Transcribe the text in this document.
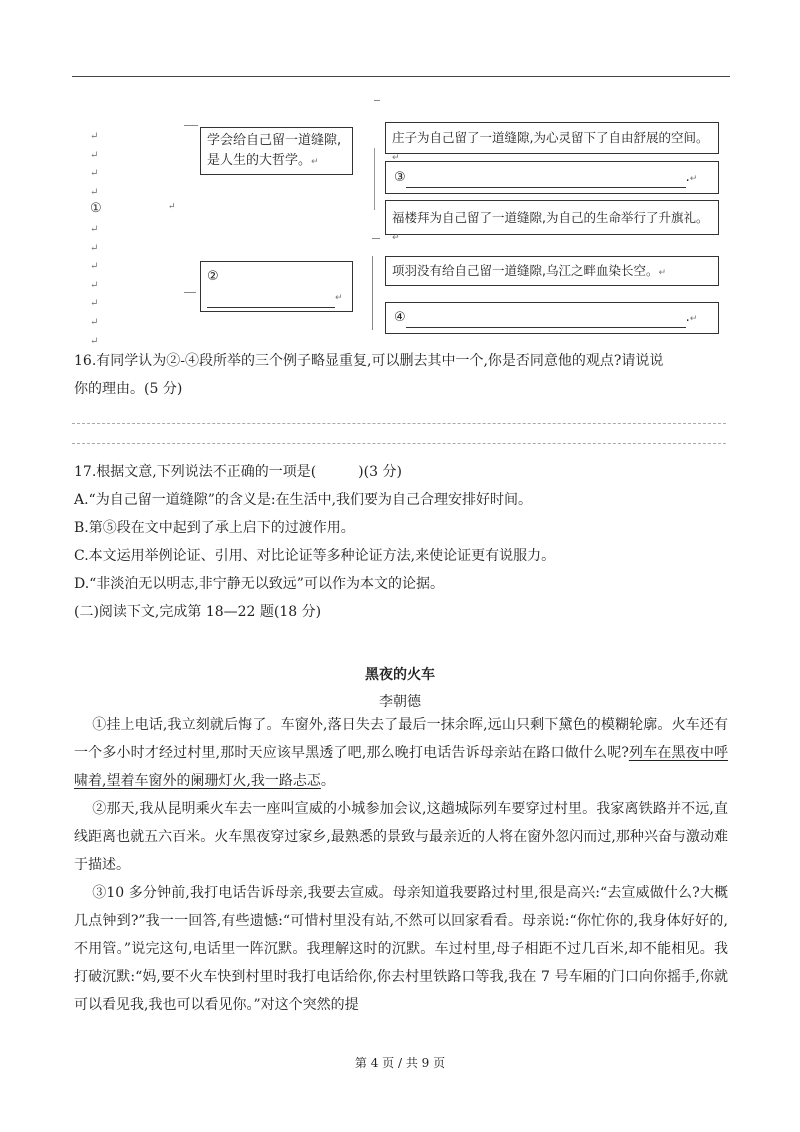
↵
↵
↵
↵
↵
↵
↵
↵
↵
↵
↵
①	↵
学会给自己留一道缝隙,是人生的大哲学。↵
②
↵
庄子为自己留了一道缝隙,为心灵留下了自由舒展的空间。↵
③	.↵
福楼拜为自己留了一道缝隙,为自己的生命举行了升旗礼。↵
项羽没有给自己留一道缝隙,乌江之畔血染长空。↵
④	.↵
16.有同学认为②-④段所举的三个例子略显重复,可以删去其中一个,你是否同意他的观点?请说说
你的理由。(5 分)
17.根据文意,下列说法不正确的一项是(　　　)(3 分)
A.“为自己留一道缝隙”的含义是:在生活中,我们要为自己合理安排好时间。
B.第⑤段在文中起到了承上启下的过渡作用。
C.本文运用举例论证、引用、对比论证等多种论证方法,来使论证更有说服力。
D.“非淡泊无以明志,非宁静无以致远”可以作为本文的论据。
(二)阅读下文,完成第 18—22 题(18 分)
黑夜的火车
李朝德

①挂上电话,我立刻就后悔了。车窗外,落日失去了最后一抹余晖,远山只剩下黛色的模糊轮廓。火车还有一个多小时才经过村里,那时天应该早黑透了吧,那么晚打电话告诉母亲站在路口做什么呢?列车在黑夜中呼啸着,望着车窗外的阑珊灯火,我一路忐忑。

②那天,我从昆明乘火车去一座叫宣威的小城参加会议,这趟城际列车要穿过村里。我家离铁路并不远,直线距离也就五六百米。火车黑夜穿过家乡,最熟悉的景致与最亲近的人将在窗外忽闪而过,那种兴奋与激动难于描述。

③10 多分钟前,我打电话告诉母亲,我要去宣威。母亲知道我要路过村里,很是高兴:“去宣威做什么?大概几点钟到?”我一一回答,有些遗憾:“可惜村里没有站,不然可以回家看看。母亲说:“你忙你的,我身体好好的,不用管。”说完这句,电话里一阵沉默。我理解这时的沉默。车过村里,母子相距不过几百米,却不能相见。我打破沉默:“妈,要不火车快到村里时我打电话给你,你去村里铁路口等我,我在 7 号车厢的门口向你摇手,你就可以看见我,我也可以看见你。”对这个突然的提

第 4 页 / 共 9 页
